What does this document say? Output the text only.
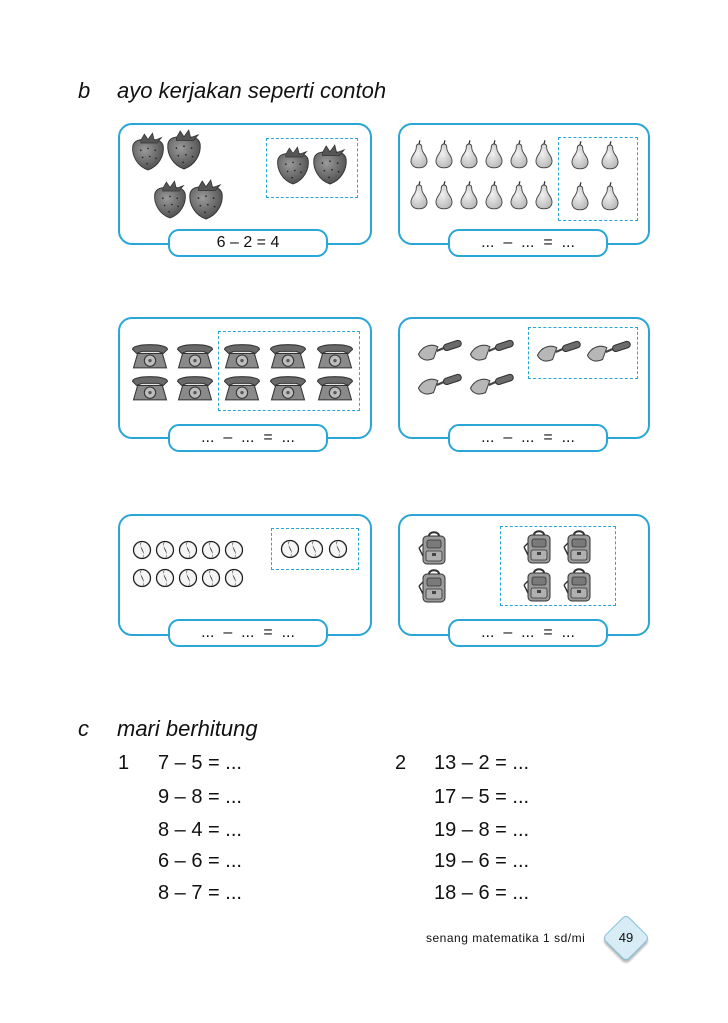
b ayo kerjakan seperti contoh
6 – 2 = 4	...  –  ...  =  ...
...  –  ...  =  ...	...  –  ...  =  ...
...  –  ...  =  ...	...  –  ...  =  ...
c mari berhitung
1 7 – 5 = ...
9 – 8 = ...
8 – 4 = ...
6 – 6 = ...
8 – 7 = ...
2 13 – 2 = ...
17 – 5 = ...
19 – 8 = ...
19 – 6 = ...
18 – 6 = ...
senang matematika 1 sd/mi	49
